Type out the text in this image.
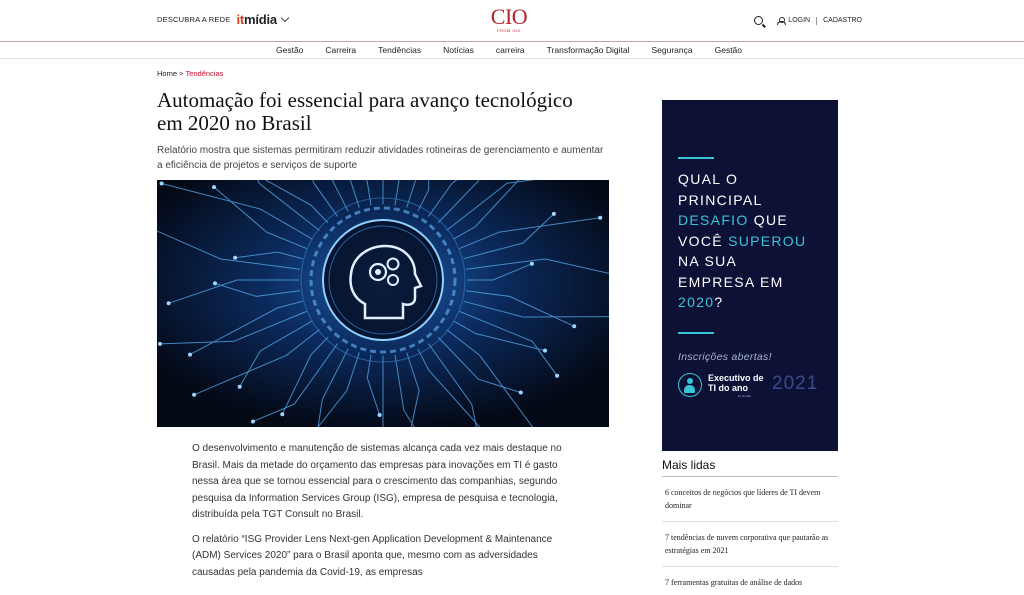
DESCUBRA A REDE itmídia	CIO
FROM IDG
LOGIN CADASTRO
Gestão	Carreira	Tendências	Notícias	carreira	Transformação Digital	Segurança	Gestão
Home > Tendências
Automação foi essencial para avanço tecnológico em 2020 no Brasil

Relatório mostra que sistemas permitiram reduzir atividades rotineiras de gerenciamento e aumentar a eficiência de projetos e serviços de suporte

O desenvolvimento e manutenção de sistemas alcança cada vez mais destaque no Brasil. Mais da metade do orçamento das empresas para inovações em TI é gasto nessa área que se tornou essencial para o crescimento das companhias, segundo pesquisa da Information Services Group (ISG), empresa de pesquisa e tecnologia, distribuída pela TGT Consult no Brasil.

O relatório “ISG Provider Lens Next-gen Application Development & Maintenance (ADM) Services 2020” para o Brasil aponta que, mesmo com as adversidades causadas pela pandemia da Covid-19, as empresas

QUAL O
PRINCIPAL
DESAFIO QUE
VOCÊ SUPEROU
NA SUA
EMPRESA EM
2020?
Inscrições abertas!
Executivo de
TI do ano
by itmídia
2021
Mais lidas
6 conceitos de negócios que líderes de TI devem dominar
7 tendências de nuvem corporativa que pautarão as estratégias em 2021
7 ferramentas gratuitas de análise de dados
